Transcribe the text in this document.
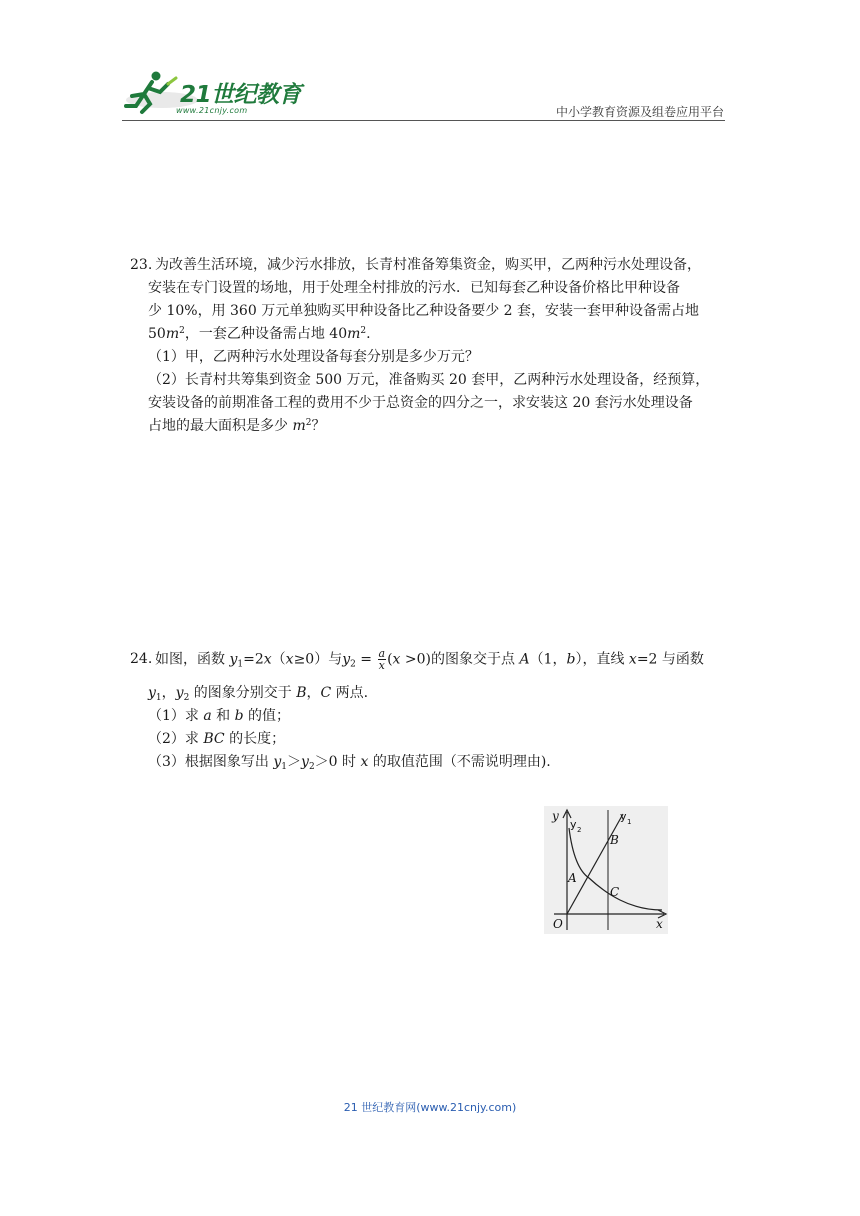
21世纪教育
www.21cnjy.com	中小学教育资源及组卷应用平台
23. 为改善生活环境，减少污水排放，长青村准备筹集资金，购买甲，乙两种污水处理设备，
安装在专门设置的场地，用于处理全村排放的污水．已知每套乙种设备价格比甲种设备
少 10%，用 360 万元单独购买甲种设备比乙种设备要少 2 套，安装一套甲种设备需占地
$50m^2$，一套乙种设备需占地 $40m^2$.
（1）甲，乙两种污水处理设备每套分别是多少万元？
（2）长青村共筹集到资金 500 万元，准备购买 20 套甲，乙两种污水处理设备，经预算，
安装设备的前期准备工程的费用不少于总资金的四分之一，求安装这 20 套污水处理设备
占地的最大面积是多少 $m^2$？
24. 如图，函数 $y_1=2x(x\ge 0)$与$y_2 = \frac{a}{x} (x >0)$的图象交于点 A（1，b），直线 x=2 与函数
$y_1$，$y_2$ 的图象分别交于 B，C 两点.
（1）求 a 和 b 的值；
（2）求 BC 的长度；
（3）根据图象写出 $y_1>y_2>0$ 时 x 的取值范围（不需说明理由).
y
x
O
y 2
y 1
A
B
C
21 世纪教育网(www.21cnjy.com)
